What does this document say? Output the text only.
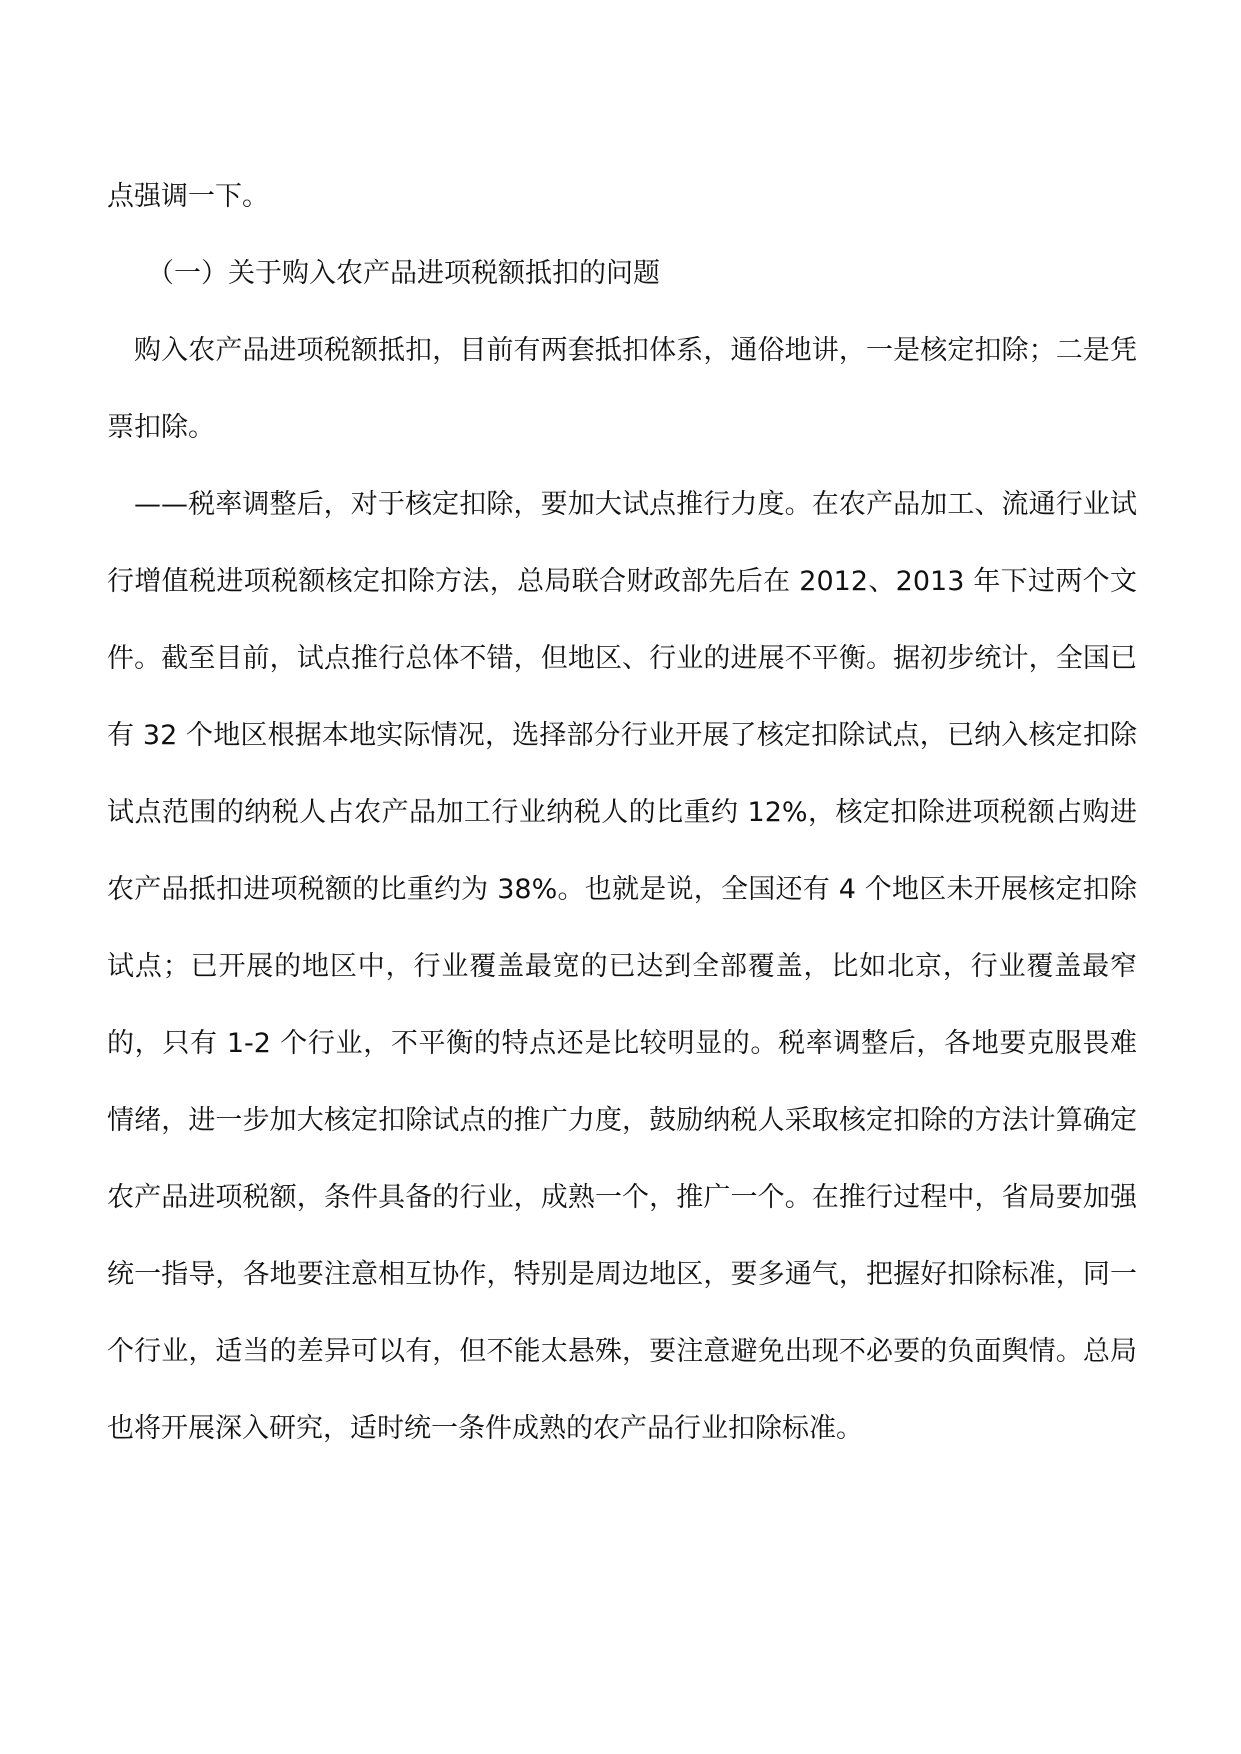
点强调一下。

（一）关于购入农产品进项税额抵扣的问题

购入农产品进项税额抵扣，目前有两套抵扣体系，通俗地讲，一是核定扣除；二是凭票扣除。

——税率调整后，对于核定扣除，要加大试点推行力度。在农产品加工、流通行业试行增值税进项税额核定扣除方法，总局联合财政部先后在 2012、2013 年下过两个文件。截至目前，试点推行总体不错，但地区、行业的进展不平衡。据初步统计，全国已有 32 个地区根据本地实际情况，选择部分行业开展了核定扣除试点，已纳入核定扣除试点范围的纳税人占农产品加工行业纳税人的比重约 12%，核定扣除进项税额占购进农产品抵扣进项税额的比重约为 38%。也就是说，全国还有 4 个地区未开展核定扣除试点；已开展的地区中，行业覆盖最宽的已达到全部覆盖，比如北京，行业覆盖最窄的，只有 1-2 个行业，不平衡的特点还是比较明显的。税率调整后，各地要克服畏难情绪，进一步加大核定扣除试点的推广力度，鼓励纳税人采取核定扣除的方法计算确定农产品进项税额，条件具备的行业，成熟一个，推广一个。在推行过程中，省局要加强统一指导，各地要注意相互协作，特别是周边地区，要多通气，把握好扣除标准，同一个行业，适当的差异可以有，但不能太悬殊，要注意避免出现不必要的负面舆情。总局也将开展深入研究，适时统一条件成熟的农产品行业扣除标准。
